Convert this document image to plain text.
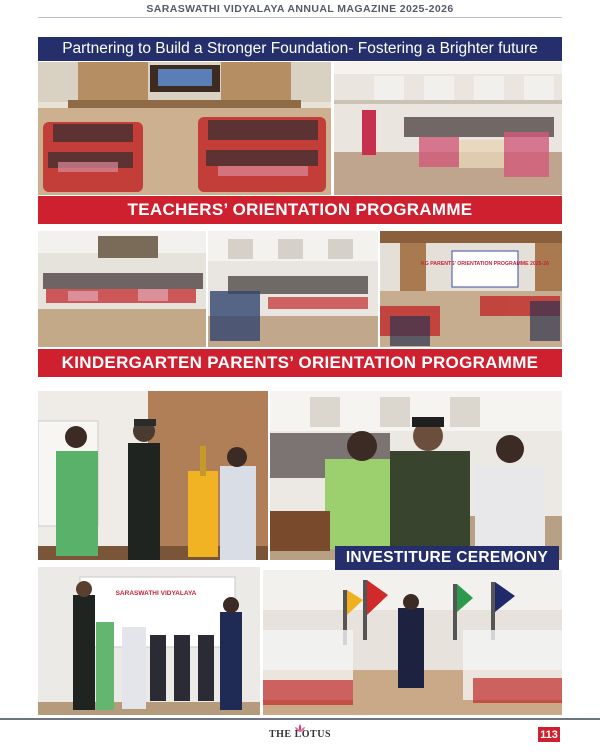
SARASWATHI VIDYALAYA ANNUAL MAGAZINE 2025-2026
Partnering to Build a Stronger Foundation- Fostering a Brighter future
TEACHERS’ ORIENTATION PROGRAMME
KG PARENTS' ORIENTATION PROGRAMME 2025-26
KINDERGARTEN PARENTS’ ORIENTATION PROGRAMME
INVESTITURE CEREMONY
SARASWATHI VIDYALAYA
THE LOTUS	113
